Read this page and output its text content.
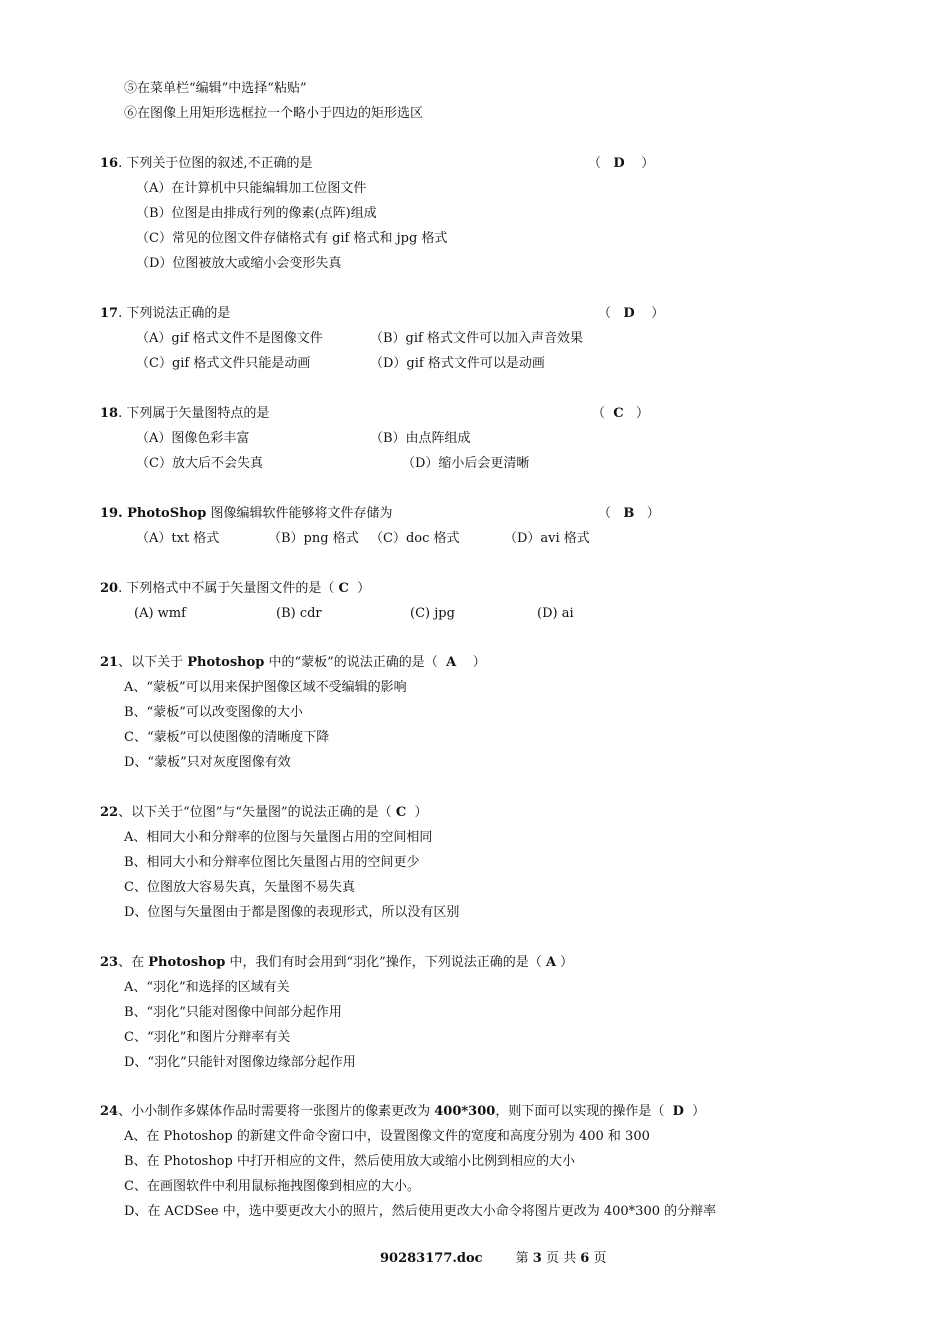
⑤在菜单栏“编辑”中选择“粘贴”
⑥在图像上用矩形选框拉一个略小于四边的矩形选区
16. 下列关于位图的叙述,不正确的是	（   D    ）
（A）在计算机中只能编辑加工位图文件
（B）位图是由排成行列的像素(点阵)组成
（C）常见的位图文件存储格式有 gif 格式和 jpg 格式
（D）位图被放大或缩小会变形失真
17. 下列说法正确的是	（   D    ）
（A）gif 格式文件不是图像文件	（B）gif 格式文件可以加入声音效果
（C）gif 格式文件只能是动画	（D）gif 格式文件可以是动画
18. 下列属于矢量图特点的是	（  C   ）
（A）图像色彩丰富	（B）由点阵组成
（C）放大后不会失真	（D）缩小后会更清晰
19. PhotoShop 图像编辑软件能够将文件存储为	（   B   ）
（A）txt 格式	（B）png 格式 （C）doc 格式	（D）avi 格式
20. 下列格式中不属于矢量图文件的是（ C ）
(A) wmf	(B) cdr	(C) jpg	(D) ai
21、以下关于 Photoshop 中的“蒙板”的说法正确的是（ A ）
A、“蒙板”可以用来保护图像区域不受编辑的影响
B、“蒙板”可以改变图像的大小
C、“蒙板”可以使图像的清晰度下降
D、“蒙板”只对灰度图像有效
22、以下关于“位图”与“矢量图”的说法正确的是（ C ）
A、相同大小和分辩率的位图与矢量图占用的空间相同
B、相同大小和分辩率位图比矢量图占用的空间更少
C、位图放大容易失真，矢量图不易失真
D、位图与矢量图由于都是图像的表现形式，所以没有区别
23、在 Photoshop 中，我们有时会用到“羽化”操作，下列说法正确的是（ A ）
A、“羽化”和选择的区域有关
B、“羽化”只能对图像中间部分起作用
C、“羽化”和图片分辩率有关
D、“羽化”只能针对图像边缘部分起作用
24、小小制作多媒体作品时需要将一张图片的像素更改为 400*300，则下面可以实现的操作是（ D ）
A、在 Photoshop 的新建文件命令窗口中，设置图像文件的宽度和高度分别为 400 和 300
B、在 Photoshop 中打开相应的文件，然后使用放大或缩小比例到相应的大小
C、在画图软件中利用鼠标拖拽图像到相应的大小。
D、在 ACDSee 中，选中要更改大小的照片，然后使用更改大小命令将图片更改为 400*300 的分辩率
90283177.doc	第 3 页 共 6 页
